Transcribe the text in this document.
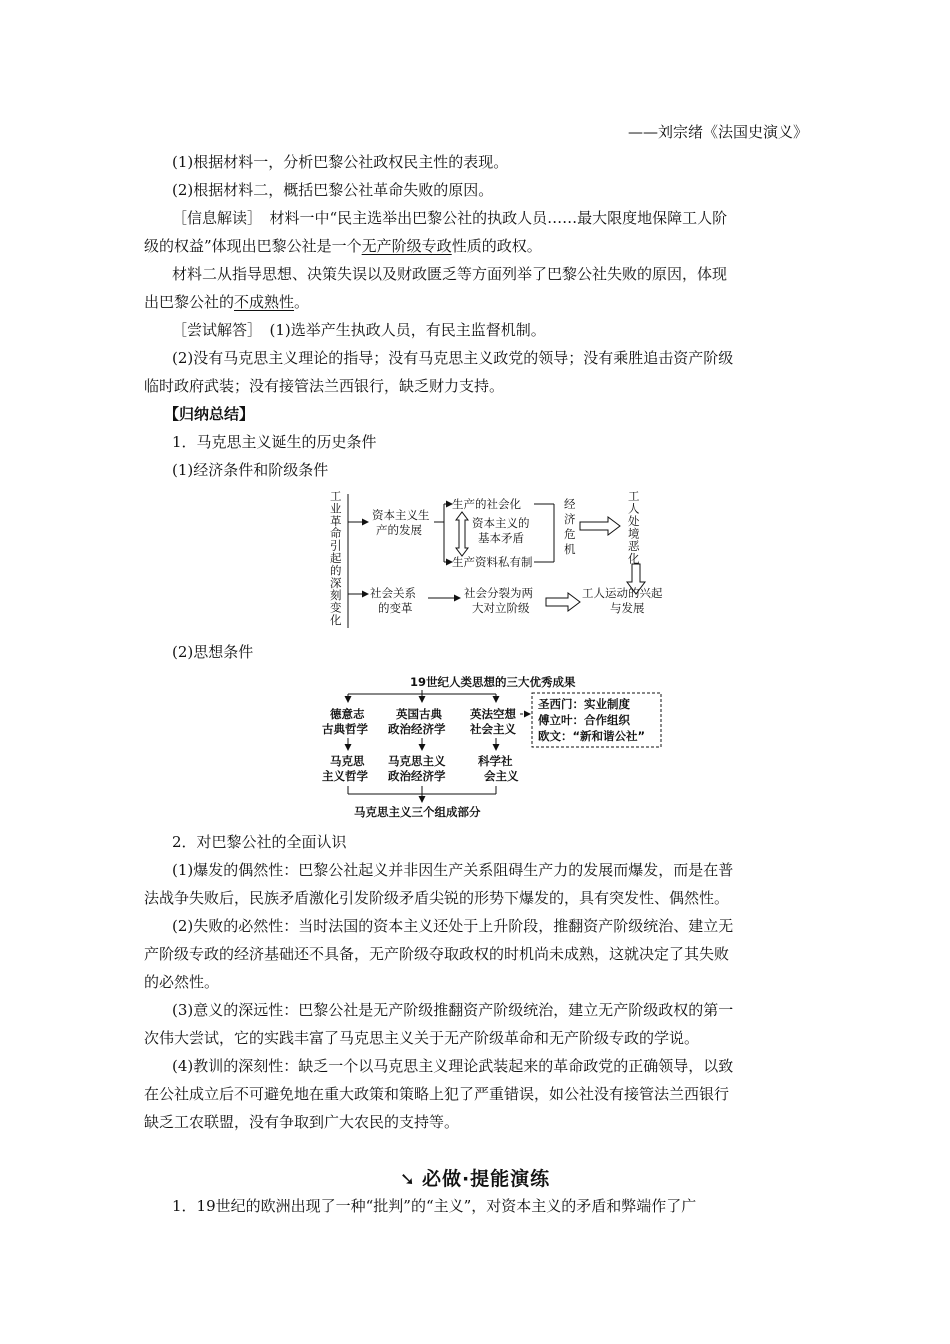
——刘宗绪《法国史演义》
(1)根据材料一，分析巴黎公社政权民主性的表现。
(2)根据材料二，概括巴黎公社革命失败的原因。
［信息解读］　材料一中“民主选举出巴黎公社的执政人员……最大限度地保障工人阶
级的权益”体现出巴黎公社是一个无产阶级专政性质的政权。
材料二从指导思想、决策失误以及财政匮乏等方面列举了巴黎公社失败的原因，体现
出巴黎公社的不成熟性。
［尝试解答］　(1)选举产生执政人员，有民主监督机制。
(2)没有马克思主义理论的指导；没有马克思主义政党的领导；没有乘胜追击资产阶级
临时政府武装；没有接管法兰西银行，缺乏财力支持。
【归纳总结】
1．马克思主义诞生的历史条件
(1)经济条件和阶级条件
工业革命引起的深刻变化
资本主义生
产的发展
生产的社会化
资本主义的
基本矛盾
生产资料私有制
经济危机
工人处境恶化
社会关系
的变革
社会分裂为两
大对立阶级
工人运动的兴起
与发展
(2)思想条件
19世纪人类思想的三大优秀成果
德意志
古典哲学
英国古典
政治经济学
英法空想
社会主义
圣西门：实业制度
傅立叶：合作组织
欧文：“新和谐公社”
马克思
主义哲学
马克思主义
政治经济学
科学社
会主义
马克思主义三个组成部分
2．对巴黎公社的全面认识
(1)爆发的偶然性：巴黎公社起义并非因生产关系阻碍生产力的发展而爆发，而是在普
法战争失败后，民族矛盾激化引发阶级矛盾尖锐的形势下爆发的，具有突发性、偶然性。
(2)失败的必然性：当时法国的资本主义还处于上升阶段，推翻资产阶级统治、建立无
产阶级专政的经济基础还不具备，无产阶级夺取政权的时机尚未成熟，这就决定了其失败
的必然性。
(3)意义的深远性：巴黎公社是无产阶级推翻资产阶级统治，建立无产阶级政权的第一
次伟大尝试，它的实践丰富了马克思主义关于无产阶级革命和无产阶级专政的学说。
(4)教训的深刻性：缺乏一个以马克思主义理论武装起来的革命政党的正确领导，以致
在公社成立后不可避免地在重大政策和策略上犯了严重错误，如公社没有接管法兰西银行
缺乏工农联盟，没有争取到广大农民的支持等。
➘ 必做·提能演练
1．19世纪的欧洲出现了一种“批判”的“主义”，对资本主义的矛盾和弊端作了广
